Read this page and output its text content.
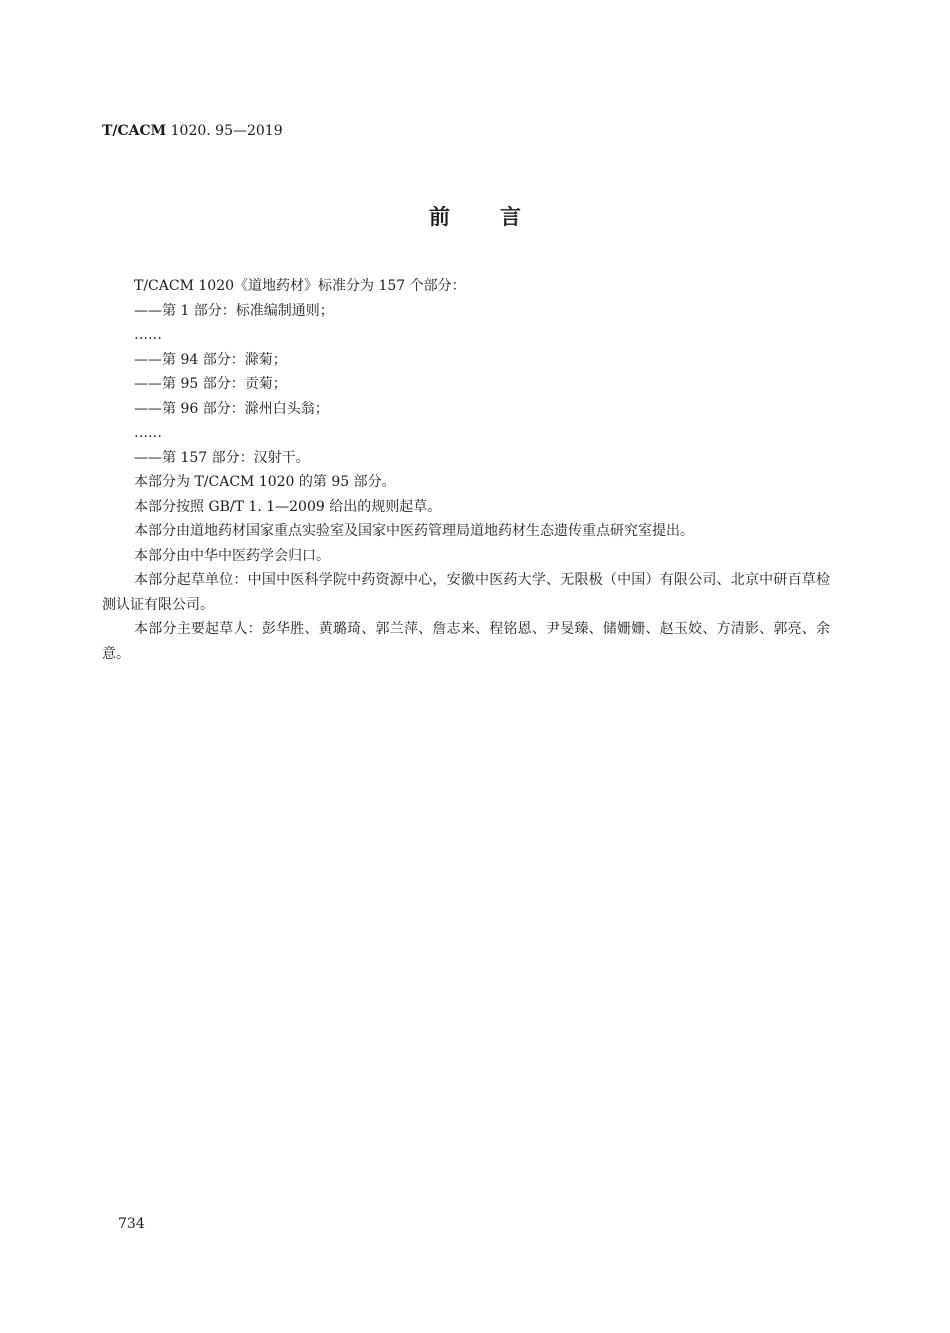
T/CACM 1020. 95—2019
前言

T/CACM 1020《道地药材》标准分为 157 个部分：

——第 1 部分：标准编制通则；

……

——第 94 部分：滁菊；

——第 95 部分：贡菊；

——第 96 部分：滁州白头翁；

……

——第 157 部分：汉射干。

本部分为 T/CACM 1020 的第 95 部分。

本部分按照 GB/T 1. 1—2009 给出的规则起草。

本部分由道地药材国家重点实验室及国家中医药管理局道地药材生态遗传重点研究室提出。

本部分由中华中医药学会归口。

本部分起草单位：中国中医科学院中药资源中心，安徽中医药大学、无限极（中国）有限公司、北京中研百草检测认证有限公司。

本部分主要起草人：彭华胜、黄璐琦、郭兰萍、詹志来、程铭恩、尹旻臻、储姗姗、赵玉姣、方清影、郭亮、余意。

734
